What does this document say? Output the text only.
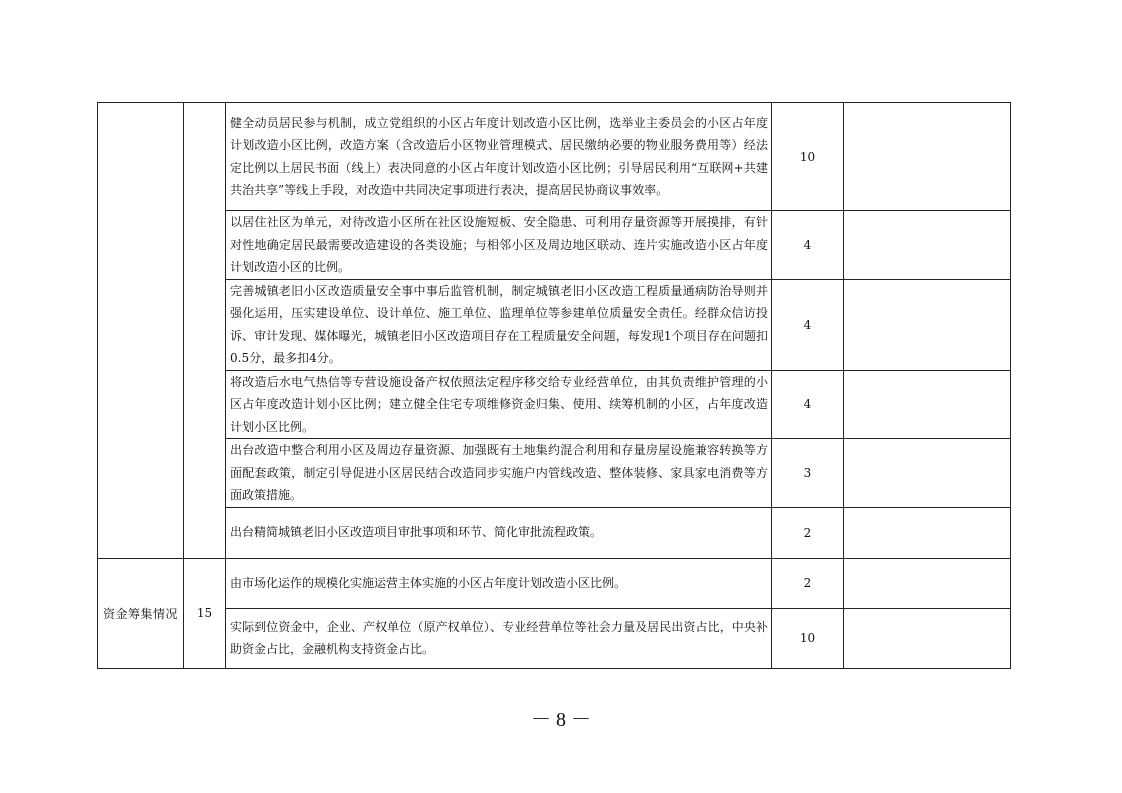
		健全动员居民参与机制，成立党组织的小区占年度计划改造小区比例，选举业主委员会的小区占年度计划改造小区比例，改造方案（含改造后小区物业管理模式、居民缴纳必要的物业服务费用等）经法定比例以上居民书面（线上）表决同意的小区占年度计划改造小区比例；引导居民利用“互联网+共建共治共享”等线上手段，对改造中共同决定事项进行表决，提高居民协商议事效率。	10	
		以居住社区为单元，对待改造小区所在社区设施短板、安全隐患、可利用存量资源等开展摸排，有针对性地确定居民最需要改造建设的各类设施；与相邻小区及周边地区联动、连片实施改造小区占年度计划改造小区的比例。	4	
		完善城镇老旧小区改造质量安全事中事后监管机制，制定城镇老旧小区改造工程质量通病防治导则并强化运用，压实建设单位、设计单位、施工单位、监理单位等参建单位质量安全责任。经群众信访投诉、审计发现、媒体曝光，城镇老旧小区改造项目存在工程质量安全问题，每发现1个项目存在问题扣 0.5分，最多扣4分。	4	
		将改造后水电气热信等专营设施设备产权依照法定程序移交给专业经营单位，由其负责维护管理的小区占年度改造计划小区比例；建立健全住宅专项维修资金归集、使用、续筹机制的小区，占年度改造计划小区比例。	4	
		出台改造中整合利用小区及周边存量资源、加强既有土地集约混合利用和存量房屋设施兼容转换等方面配套政策，制定引导促进小区居民结合改造同步实施户内管线改造、整体装修、家具家电消费等方面政策措施。	3	
		出台精简城镇老旧小区改造项目审批事项和环节、简化审批流程政策。	2	
资金筹集情况	15	由市场化运作的规模化实施运营主体实施的小区占年度计划改造小区比例。	2	
		实际到位资金中，企业、产权单位（原产权单位）、专业经营单位等社会力量及居民出资占比，中央补助资金占比，金融机构支持资金占比。	10	
－ 8 －
